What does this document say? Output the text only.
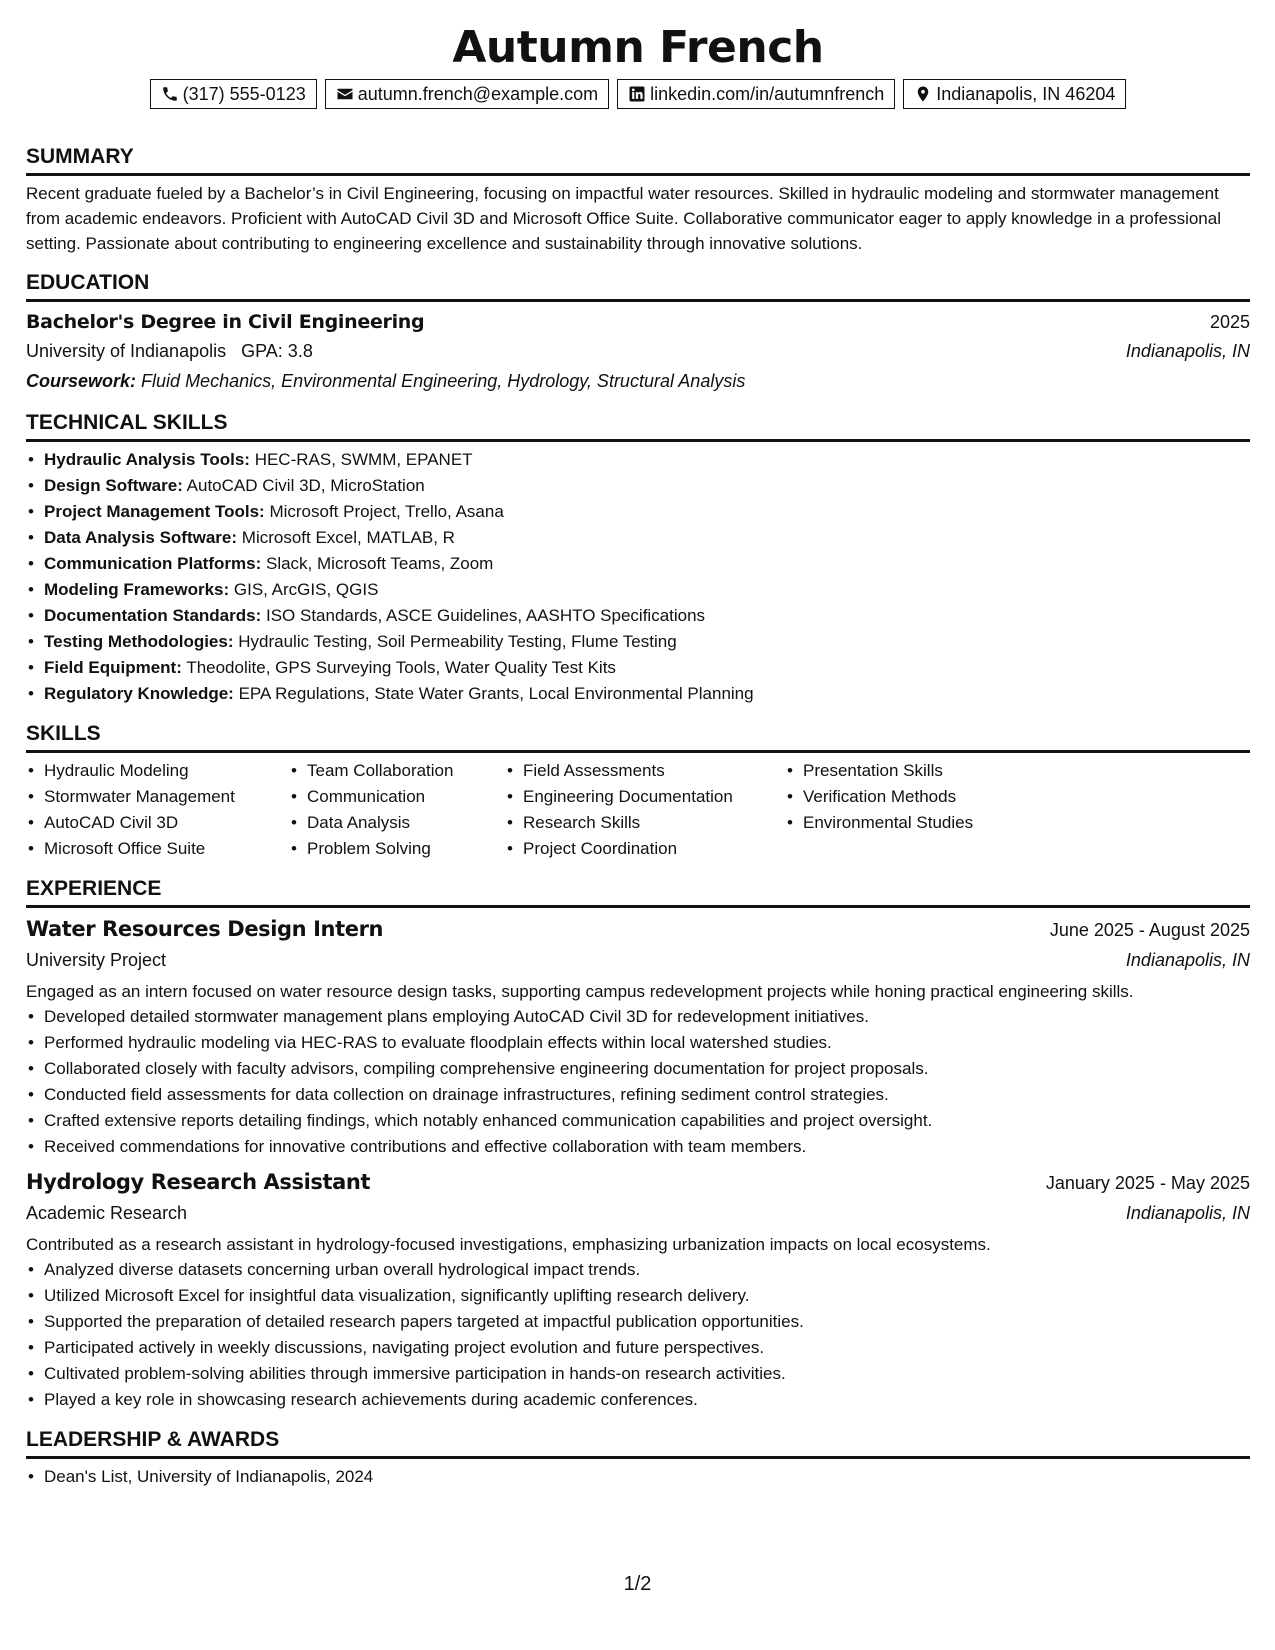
Autumn French
(317) 555-0123	autumn.french@example.com	linkedin.com/in/autumnfrench	Indianapolis, IN 46204
SUMMARY

Recent graduate fueled by a Bachelor’s in Civil Engineering, focusing on impactful water resources. Skilled in hydraulic modeling and stormwater management from academic endeavors. Proficient with AutoCAD Civil 3D and Microsoft Office Suite. Collaborative communicator eager to apply knowledge in a professional setting. Passionate about contributing to engineering excellence and sustainability through innovative solutions.

EDUCATION
Bachelor's Degree in Civil Engineering	2025
University of Indianapolis GPA: 3.8	Indianapolis, IN
Coursework: Fluid Mechanics, Environmental Engineering, Hydrology, Structural Analysis
TECHNICAL SKILLS
• Hydraulic Analysis Tools: HEC-RAS, SWMM, EPANET
• Design Software: AutoCAD Civil 3D, MicroStation
• Project Management Tools: Microsoft Project, Trello, Asana
• Data Analysis Software: Microsoft Excel, MATLAB, R
• Communication Platforms: Slack, Microsoft Teams, Zoom
• Modeling Frameworks: GIS, ArcGIS, QGIS
• Documentation Standards: ISO Standards, ASCE Guidelines, AASHTO Specifications
• Testing Methodologies: Hydraulic Testing, Soil Permeability Testing, Flume Testing
• Field Equipment: Theodolite, GPS Surveying Tools, Water Quality Test Kits
• Regulatory Knowledge: EPA Regulations, State Water Grants, Local Environmental Planning
SKILLS
• Hydraulic Modeling
• Stormwater Management
• AutoCAD Civil 3D
• Microsoft Office Suite
• Team Collaboration
• Communication
• Data Analysis
• Problem Solving
• Field Assessments
• Engineering Documentation
• Research Skills
• Project Coordination
• Presentation Skills
• Verification Methods
• Environmental Studies
EXPERIENCE
Water Resources Design Intern	June 2025 - August 2025
University Project	Indianapolis, IN

Engaged as an intern focused on water resource design tasks, supporting campus redevelopment projects while honing practical engineering skills.

• Developed detailed stormwater management plans employing AutoCAD Civil 3D for redevelopment initiatives.
• Performed hydraulic modeling via HEC-RAS to evaluate floodplain effects within local watershed studies.
• Collaborated closely with faculty advisors, compiling comprehensive engineering documentation for project proposals.
• Conducted field assessments for data collection on drainage infrastructures, refining sediment control strategies.
• Crafted extensive reports detailing findings, which notably enhanced communication capabilities and project oversight.
• Received commendations for innovative contributions and effective collaboration with team members.
Hydrology Research Assistant	January 2025 - May 2025
Academic Research	Indianapolis, IN

Contributed as a research assistant in hydrology-focused investigations, emphasizing urbanization impacts on local ecosystems.

• Analyzed diverse datasets concerning urban overall hydrological impact trends.
• Utilized Microsoft Excel for insightful data visualization, significantly uplifting research delivery.
• Supported the preparation of detailed research papers targeted at impactful publication opportunities.
• Participated actively in weekly discussions, navigating project evolution and future perspectives.
• Cultivated problem-solving abilities through immersive participation in hands-on research activities.
• Played a key role in showcasing research achievements during academic conferences.
LEADERSHIP & AWARDS
• Dean's List, University of Indianapolis, 2024
1/2
